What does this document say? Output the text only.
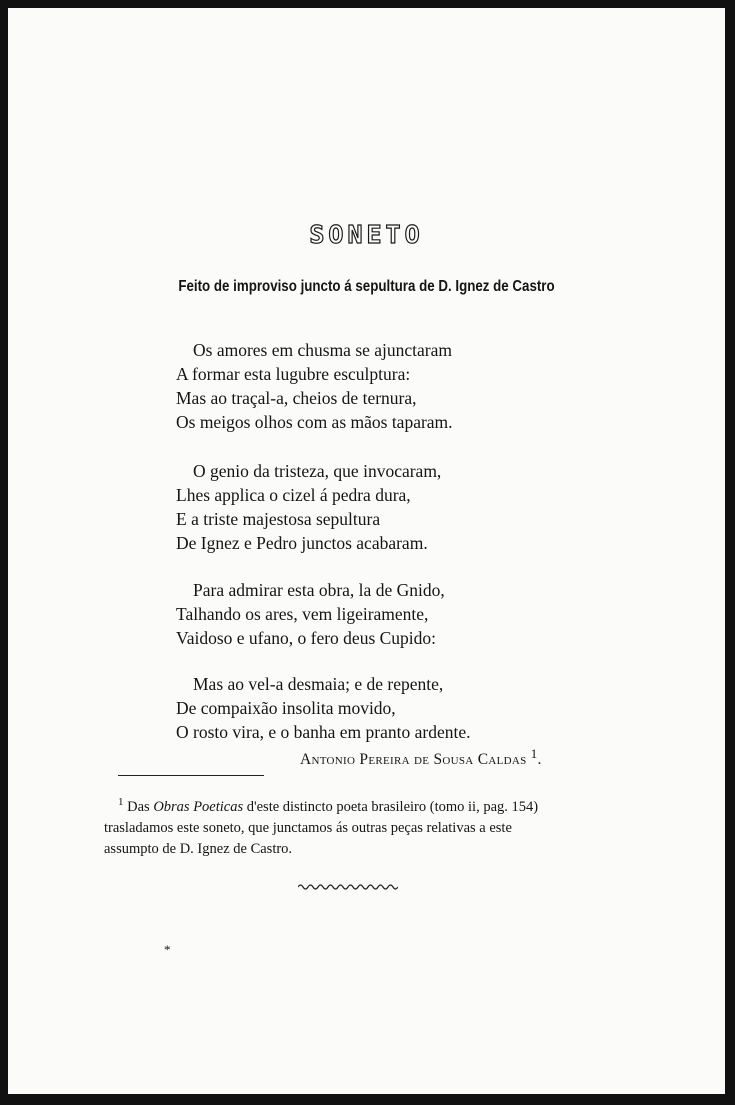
SONETO
Feito de improviso juncto á sepultura de D. Ignez de Castro
Os amores em chusma se ajunctaram
A formar esta lugubre esculptura:
Mas ao traçal-a, cheios de ternura,
Os meigos olhos com as mãos taparam.
O genio da tristeza, que invocaram,
Lhes applica o cizel á pedra dura,
E a triste majestosa sepultura
De Ignez e Pedro junctos acabaram.
Para admirar esta obra, la de Gnido,
Talhando os ares, vem ligeiramente,
Vaidoso e ufano, o fero deus Cupido:
Mas ao vel-a desmaia; e de repente,
De compaixão insolita movido,
O rosto vira, e o banha em pranto ardente.
Antonio Pereira de Sousa Caldas $^1$.
$^1$ Das Obras Poeticas d'este distincto poeta brasileiro (tomo ii, pag. 154)
trasladamos este soneto, que junctamos ás outras peças relativas a este
assumpto de D. Ignez de Castro.
*
